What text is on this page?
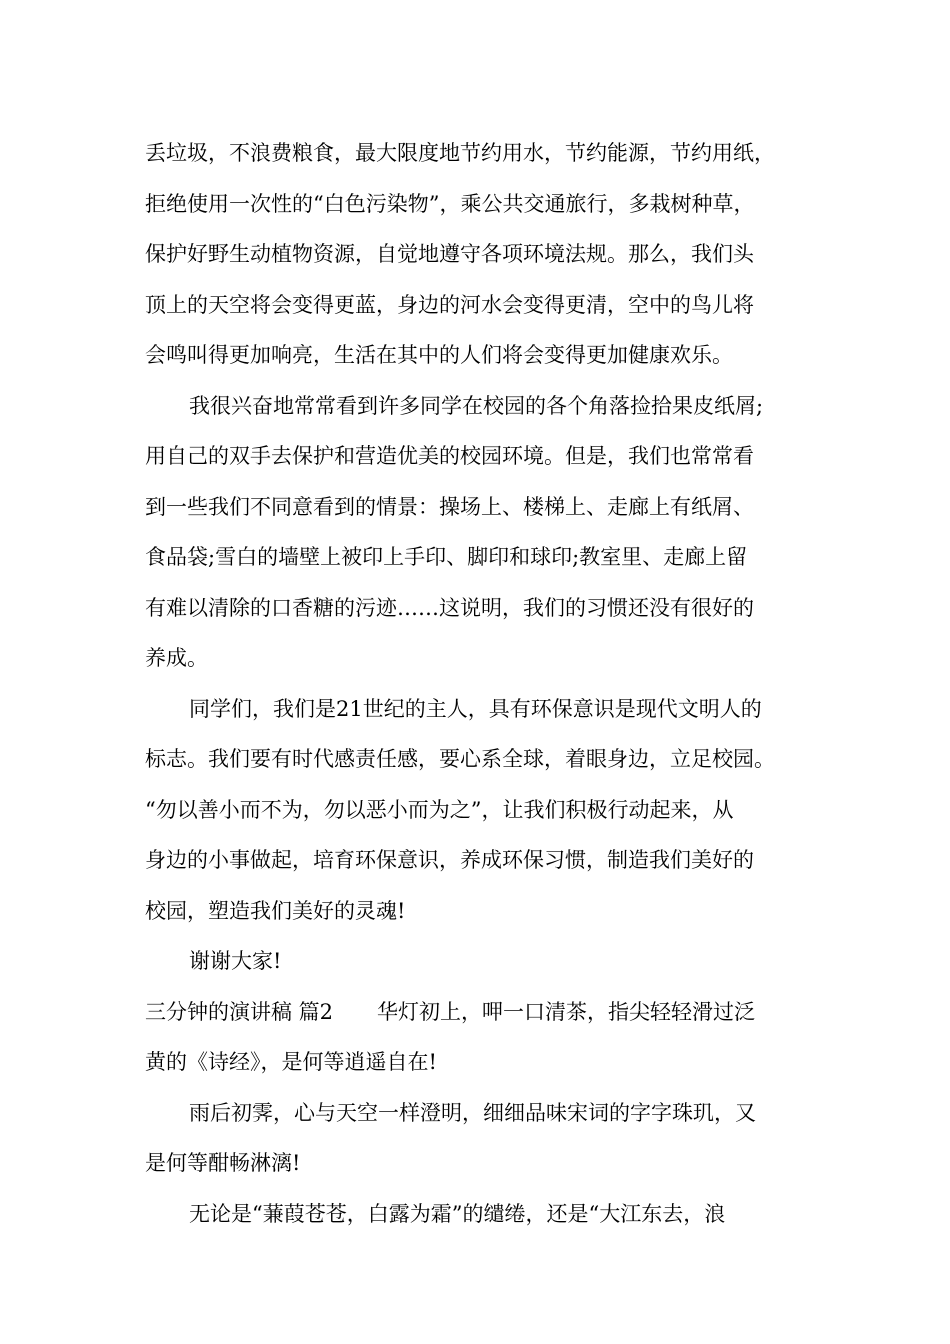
丢垃圾，不浪费粮食，最大限度地节约用水，节约能源，节约用纸，
拒绝使用一次性的“白色污染物”，乘公共交通旅行，多栽树种草，
保护好野生动植物资源，自觉地遵守各项环境法规。那么，我们头
顶上的天空将会变得更蓝，身边的河水会变得更清，空中的鸟儿将
会鸣叫得更加响亮，生活在其中的人们将会变得更加健康欢乐。
我很兴奋地常常看到许多同学在校园的各个角落捡拾果皮纸屑;
用自己的双手去保护和营造优美的校园环境。但是，我们也常常看
到一些我们不同意看到的情景：操场上、楼梯上、走廊上有纸屑、
食品袋;雪白的墙壁上被印上手印、脚印和球印;教室里、走廊上留
有难以清除的口香糖的污迹……这说明，我们的习惯还没有很好的
养成。
同学们，我们是21世纪的主人，具有环保意识是现代文明人的
标志。我们要有时代感责任感，要心系全球，着眼身边，立足校园。
“勿以善小而不为，勿以恶小而为之”，让我们积极行动起来，从
身边的小事做起，培育环保意识，养成环保习惯，制造我们美好的
校园，塑造我们美好的灵魂!
谢谢大家!
三分钟的演讲稿 篇2 华灯初上，呷一口清茶，指尖轻轻滑过泛
黄的《诗经》，是何等逍遥自在!
雨后初霁，心与天空一样澄明，细细品味宋词的字字珠玑，又
是何等酣畅淋漓!
无论是“蒹葭苍苍，白露为霜”的缱绻，还是“大江东去，浪
